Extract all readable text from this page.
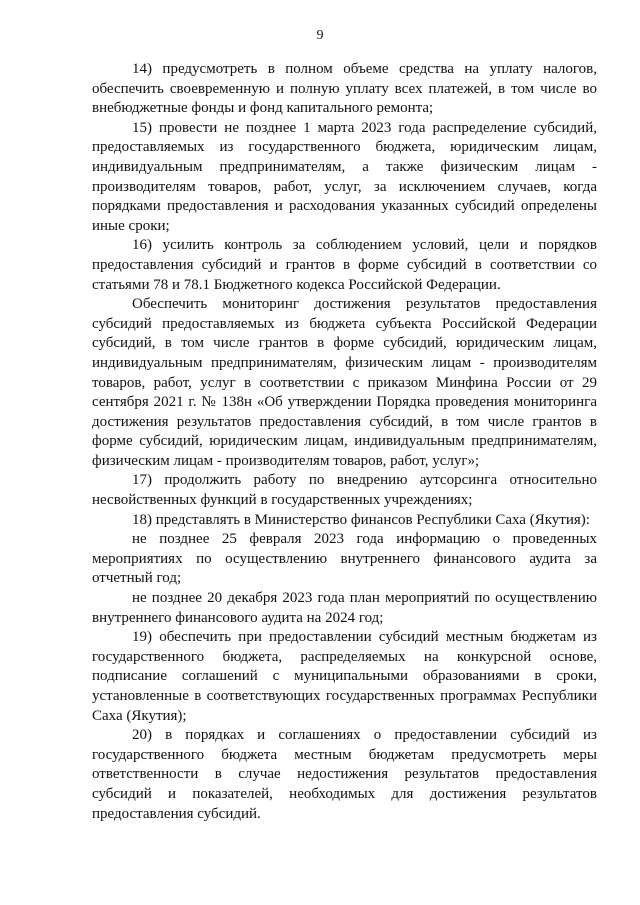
9

14) предусмотреть в полном объеме средства на уплату налогов, обеспечить своевременную и полную уплату всех платежей, в том числе во внебюджетные фонды и фонд капитального ремонта;

15) провести не позднее 1 марта 2023 года распределение субсидий, предоставляемых из государственного бюджета, юридическим лицам, индивидуальным предпринимателям, а также физическим лицам - производителям товаров, работ, услуг, за исключением случаев, когда порядками предоставления и расходования указанных субсидий определены иные сроки;

16) усилить контроль за соблюдением условий, цели и порядков предоставления субсидий и грантов в форме субсидий в соответствии со статьями 78 и 78.1 Бюджетного кодекса Российской Федерации.

Обеспечить мониторинг достижения результатов предоставления субсидий предоставляемых из бюджета субъекта Российской Федерации субсидий, в том числе грантов в форме субсидий, юридическим лицам, индивидуальным предпринимателям, физическим лицам - производителям товаров, работ, услуг в соответствии с приказом Минфина России от 29 сентября 2021 г. № 138н «Об утверждении Порядка проведения мониторинга достижения результатов предоставления субсидий, в том числе грантов в форме субсидий, юридическим лицам, индивидуальным предпринимателям, физическим лицам - производителям товаров, работ, услуг»;

17) продолжить работу по внедрению аутсорсинга относительно несвойственных функций в государственных учреждениях;

18) представлять в Министерство финансов Республики Саха (Якутия):

не позднее 25 февраля 2023 года информацию о проведенных мероприятиях по осуществлению внутреннего финансового аудита за отчетный год;

не позднее 20 декабря 2023 года план мероприятий по осуществлению внутреннего финансового аудита на 2024 год;

19) обеспечить при предоставлении субсидий местным бюджетам из государственного бюджета, распределяемых на конкурсной основе, подписание соглашений с муниципальными образованиями в сроки, установленные в соответствующих государственных программах Республики Саха (Якутия);

20) в порядках и соглашениях о предоставлении субсидий из государственного бюджета местным бюджетам предусмотреть меры ответственности в случае недостижения результатов предоставления субсидий и показателей, необходимых для достижения результатов предоставления субсидий.
